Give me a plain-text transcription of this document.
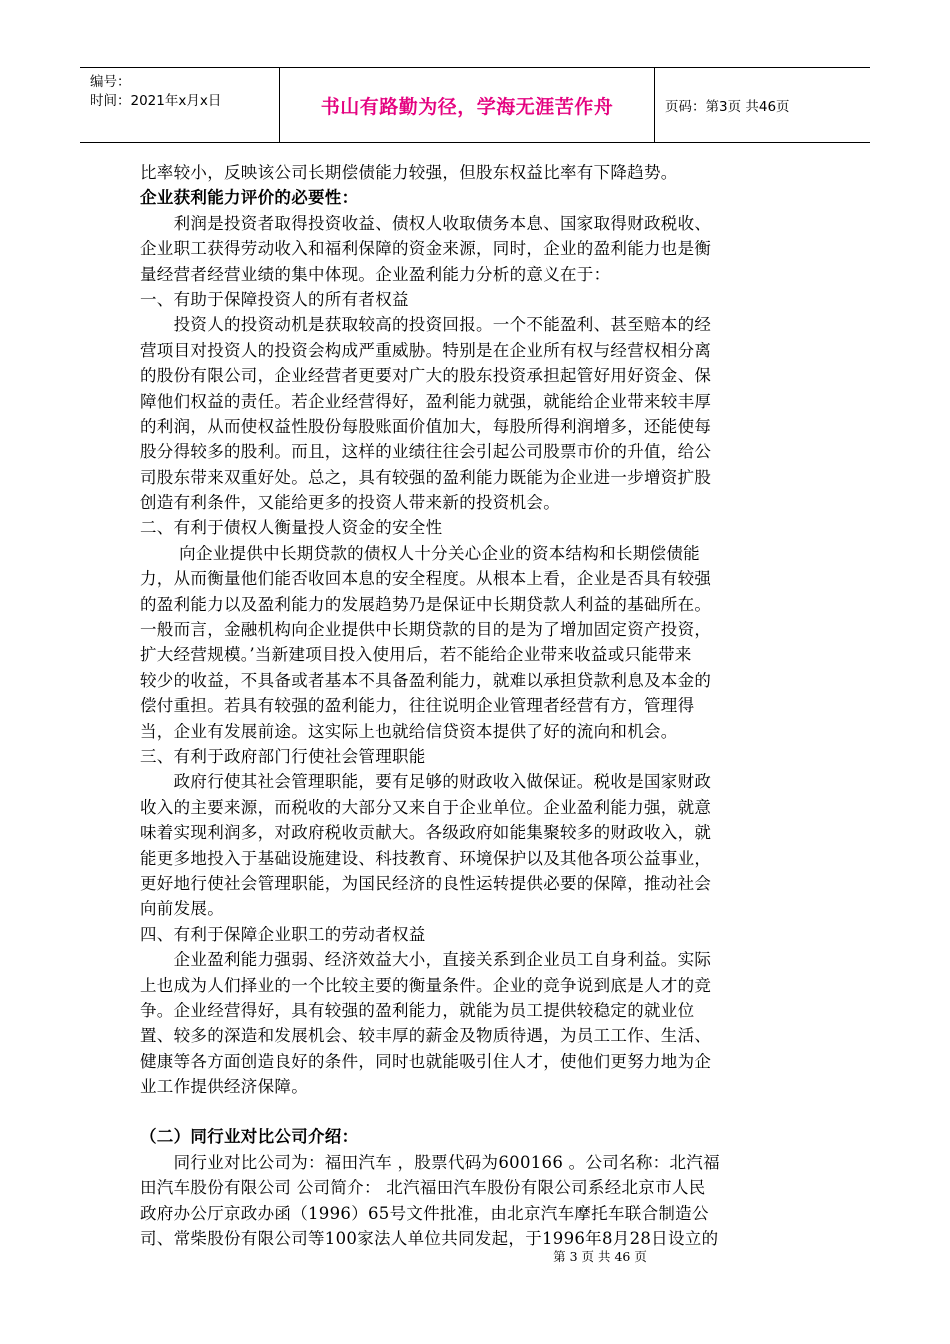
编号：
时间：2021年x月x日	书山有路勤为径，学海无涯苦作舟	页码：第3页 共46页
比率较小，反映该公司长期偿债能力较强，但股东权益比率有下降趋势。
企业获利能力评价的必要性：
　　利润是投资者取得投资收益、债权人收取债务本息、国家取得财政税收、
企业职工获得劳动收入和福利保障的资金来源，同时，企业的盈利能力也是衡
量经营者经营业绩的集中体现。企业盈利能力分析的意义在于：
一、有助于保障投资人的所有者权益
　　投资人的投资动机是获取较高的投资回报。一个不能盈利、甚至赔本的经
营项目对投资人的投资会构成严重威胁。特别是在企业所有权与经营权相分离
的股份有限公司，企业经营者更要对广大的股东投资承担起管好用好资金、保
障他们权益的责任。若企业经营得好，盈利能力就强，就能给企业带来较丰厚
的利润，从而使权益性股份每股账面价值加大，每股所得利润增多，还能使每
股分得较多的股利。而且，这样的业绩往往会引起公司股票市价的升值，给公
司股东带来双重好处。总之，具有较强的盈利能力既能为企业进一步增资扩股
创造有利条件，又能给更多的投资人带来新的投资机会。
二、有利于债权人衡量投人资金的安全性
　　 向企业提供中长期贷款的债权人十分关心企业的资本结构和长期偿债能
力，从而衡量他们能否收回本息的安全程度。从根本上看，企业是否具有较强
的盈利能力以及盈利能力的发展趋势乃是保证中长期贷款人利益的基础所在。
一般而言，金融机构向企业提供中长期贷款的目的是为了增加固定资产投资，
扩大经营规模。’当新建项目投入使用后，若不能给企业带来收益或只能带来
较少的收益，不具备或者基本不具备盈利能力，就难以承担贷款利息及本金的
偿付重担。若具有较强的盈利能力，往往说明企业管理者经营有方，管理得
当，企业有发展前途。这实际上也就给信贷资本提供了好的流向和机会。
三、有利于政府部门行使社会管理职能
　　政府行使其社会管理职能，要有足够的财政收入做保证。税收是国家财政
收入的主要来源，而税收的大部分又来自于企业单位。企业盈利能力强，就意
味着实现利润多，对政府税收贡献大。各级政府如能集聚较多的财政收入，就
能更多地投入于基础设施建设、科技教育、环境保护以及其他各项公益事业，
更好地行使社会管理职能，为国民经济的良性运转提供必要的保障，推动社会
向前发展。
四、有利于保障企业职工的劳动者权益
　　企业盈利能力强弱、经济效益大小，直接关系到企业员工自身利益。实际
上也成为人们择业的一个比较主要的衡量条件。企业的竞争说到底是人才的竞
争。企业经营得好，具有较强的盈利能力，就能为员工提供较稳定的就业位
置、较多的深造和发展机会、较丰厚的薪金及物质待遇，为员工工作、生活、
健康等各方面创造良好的条件，同时也就能吸引住人才，使他们更努力地为企
业工作提供经济保障。
（二）同行业对比公司介绍：
　　同行业对比公司为：福田汽车 ，股票代码为600166 。公司名称：北汽福
田汽车股份有限公司 公司简介： 北汽福田汽车股份有限公司系经北京市人民
政府办公厅京政办函（1996）65号文件批准，由北京汽车摩托车联合制造公
司、常柴股份有限公司等100家法人单位共同发起，于1996年8月28日设立的
第 3 页 共 46 页
